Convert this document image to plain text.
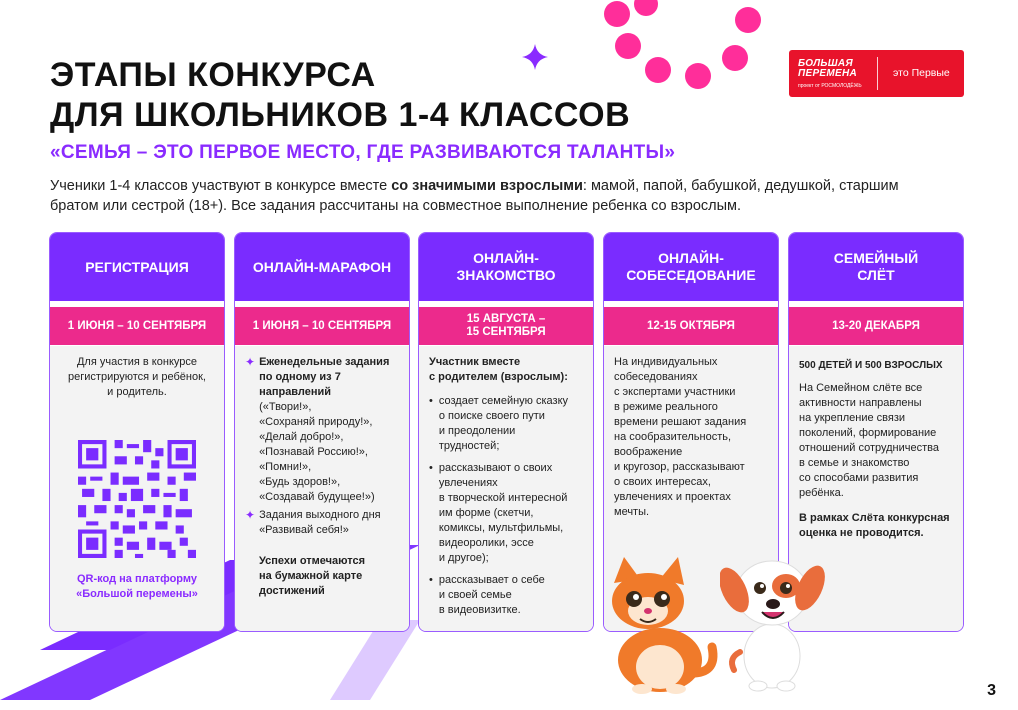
ЭТАПЫ КОНКУРСА
ДЛЯ ШКОЛЬНИКОВ 1-4 КЛАССОВ
БОЛЬШАЯ
ПЕРЕМЕНА
проект от РОСМОЛОДЁЖЬ
это Первые
«СЕМЬЯ – ЭТО ПЕРВОЕ МЕСТО, ГДЕ РАЗВИВАЮТСЯ ТАЛАНТЫ»
Ученики 1-4 классов участвуют в конкурсе вместе со значимыми взрослыми: мамой, папой, бабушкой, дедушкой, старшим братом или сестрой (18+). Все задания рассчитаны на совместное выполнение ребенка со взрослым.
РЕГИСТРАЦИЯ
1 ИЮНЯ – 10 СЕНТЯБРЯ

Для участия в конкурсе
регистрируются и ребёнок,
и родитель.

QR-код на платформу
«Большой перемены»

ОНЛАЙН-МАРАФОН
1 ИЮНЯ – 10 СЕНТЯБРЯ
✦ Еженедельные задания
по одному из 7
направлений
(«Твори!»,
«Сохраняй природу!»,
«Делай добро!»,
«Познавай Россию!»,
«Помни!»,
«Будь здоров!»,
«Создавай будущее!»)
✦ Задания выходного дня
«Развивай себя!»

Успехи отмечаются
на бумажной карте
достижений

ОНЛАЙН-
ЗНАКОМСТВО
15 АВГУСТА –
15 СЕНТЯБРЯ

Участник вместе
с родителем (взрослым):

• создает семейную сказку
о поиске своего пути
и преодолении
трудностей;
• рассказывают о своих
увлечениях
в творческой интересной
им форме (скетчи,
комиксы, мультфильмы,
видеоролики, эссе
и другое);
• рассказывает о себе
и своей семье
в видеовизитке.
ОНЛАЙН-
СОБЕСЕДОВАНИЕ
12-15 ОКТЯБРЯ

На индивидуальных
собеседованиях
с экспертами участники
в режиме реального
времени решают задания
на сообразительность,
воображение
и кругозор, рассказывают
о своих интересах,
увлечениях и проектах
мечты.

СЕМЕЙНЫЙ
СЛЁТ
13-20 ДЕКАБРЯ

500 ДЕТЕЙ И 500 ВЗРОСЛЫХ

На Семейном слёте все
активности направлены
на укрепление связи
поколений, формирование
отношений сотрудничества
в семье и знакомство
со способами развития
ребёнка.

В рамках Слёта конкурсная
оценка не проводится.

3
